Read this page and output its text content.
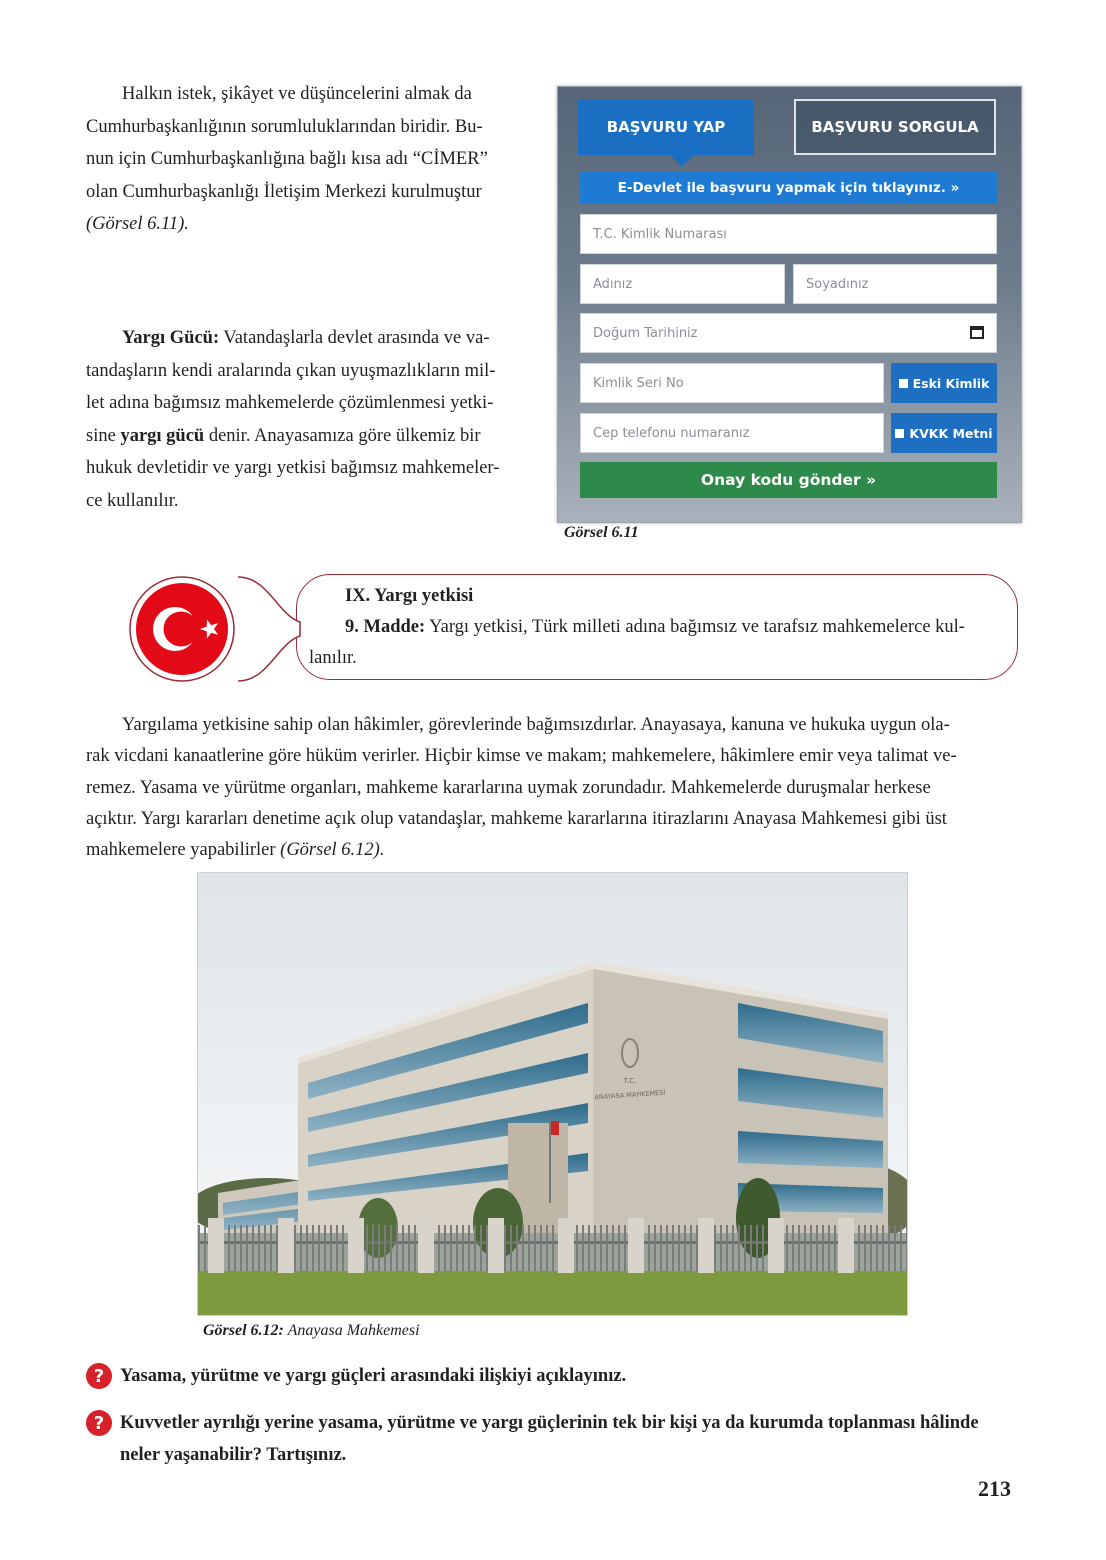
Halkın istek, şikâyet ve düşüncelerini almak da
Cumhurbaşkanlığının sorumluluklarından biridir. Bu-
nun için Cumhurbaşkanlığına bağlı kısa adı “CİMER”
olan Cumhurbaşkanlığı İletişim Merkezi kurulmuştur
(Görsel 6.11).
Yargı Gücü: Vatandaşlarla devlet arasında ve va-
tandaşların kendi aralarında çıkan uyuşmazlıkların mil-
let adına bağımsız mahkemelerde çözümlenmesi yetki-
sine yargı gücü denir. Anayasamıza göre ülkemiz bir
hukuk devletidir ve yargı yetkisi bağımsız mahkemeler-
ce kullanılır.
BAŞVURU YAP	BAŞVURU SORGULA
E-Devlet ile başvuru yapmak için tıklayınız. »
T.C. Kimlik Numarası
Adınız	Soyadınız
Doğum Tarihiniz
Kimlik Seri No	Eski Kimlik
Cep telefonu numaranız	KVKK Metni
Onay kodu gönder »
Görsel 6.11
IX. Yargı yetkisi
9. Madde: Yargı yetkisi, Türk milleti adına bağımsız ve tarafsız mahkemelerce kul-
lanılır.
Yargılama yetkisine sahip olan hâkimler, görevlerinde bağımsızdırlar. Anayasaya, kanuna ve hukuka uygun ola-
rak vicdani kanaatlerine göre hüküm verirler. Hiçbir kimse ve makam; mahkemelere, hâkimlere emir veya talimat ve-
remez. Yasama ve yürütme organları, mahkeme kararlarına uymak zorundadır. Mahkemelerde duruşmalar herkese
açıktır. Yargı kararları denetime açık olup vatandaşlar, mahkeme kararlarına itirazlarını Anayasa Mahkemesi gibi üst
mahkemelere yapabilirler (Görsel 6.12).
T.C.
ANAYASA MAHKEMESİ
Görsel 6.12: Anayasa Mahkemesi
? Yasama, yürütme ve yargı güçleri arasındaki ilişkiyi açıklayınız.
? Kuvvetler ayrılığı yerine yasama, yürütme ve yargı güçlerinin tek bir kişi ya da kurumda toplanması hâlinde
neler yaşanabilir? Tartışınız.
213
